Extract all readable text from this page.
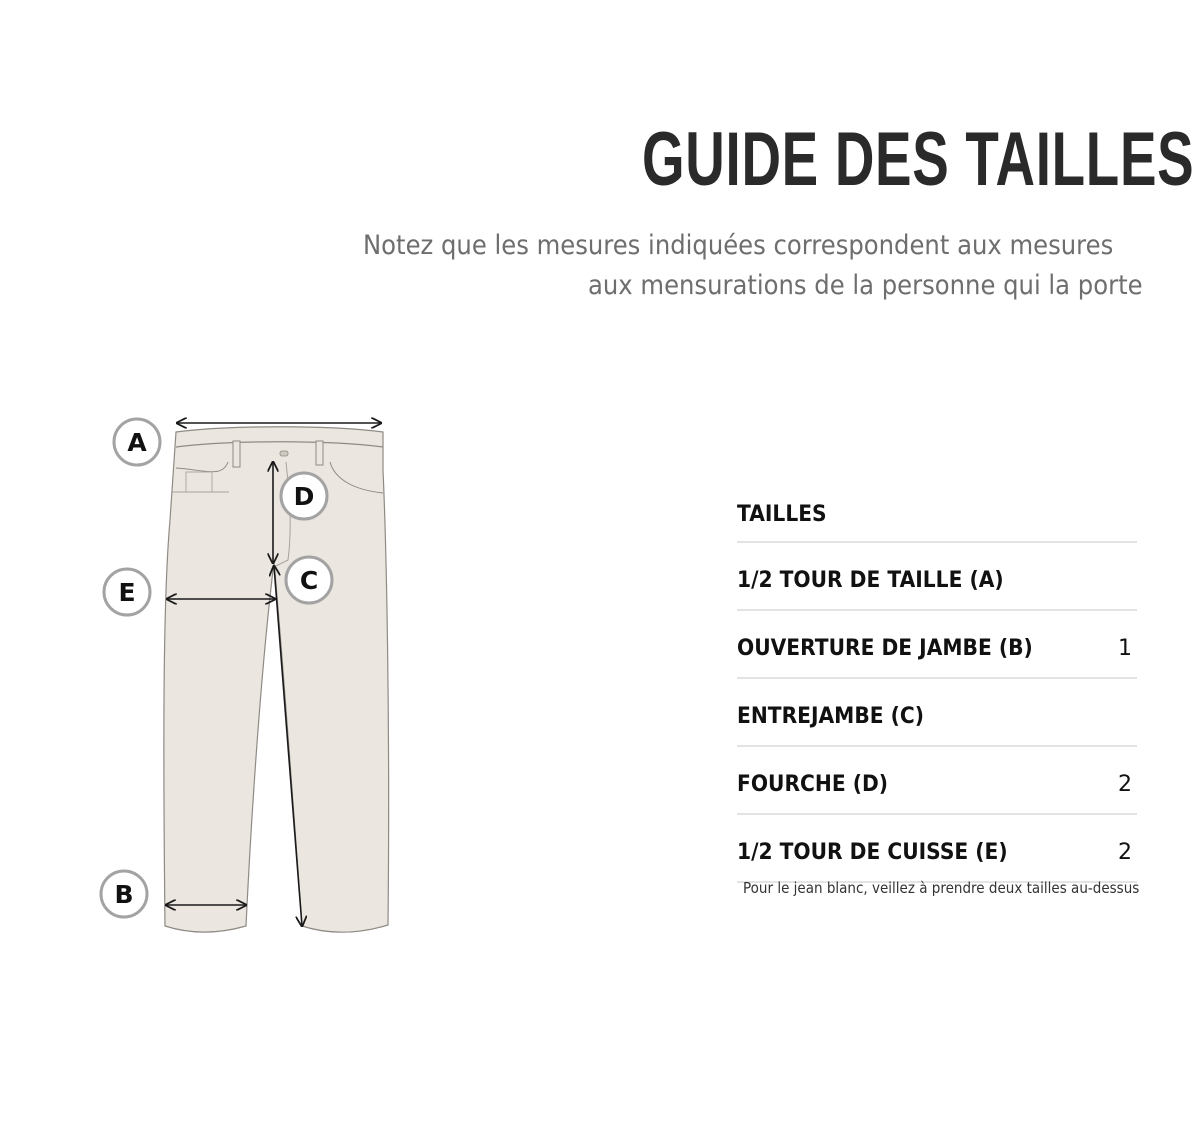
GUIDE DES TAILLES
Notez que les mesures indiquées correspondent aux mesures
aux mensurations de la personne qui la porte
A
D
C
E
B
TAILLES
1/2 TOUR DE TAILLE (A)
OUVERTURE DE JAMBE (B)	1
ENTREJAMBE (C)
FOURCHE (D)	2
1/2 TOUR DE CUISSE (E)	2
Pour le jean blanc, veillez à prendre deux tailles au-dessus
